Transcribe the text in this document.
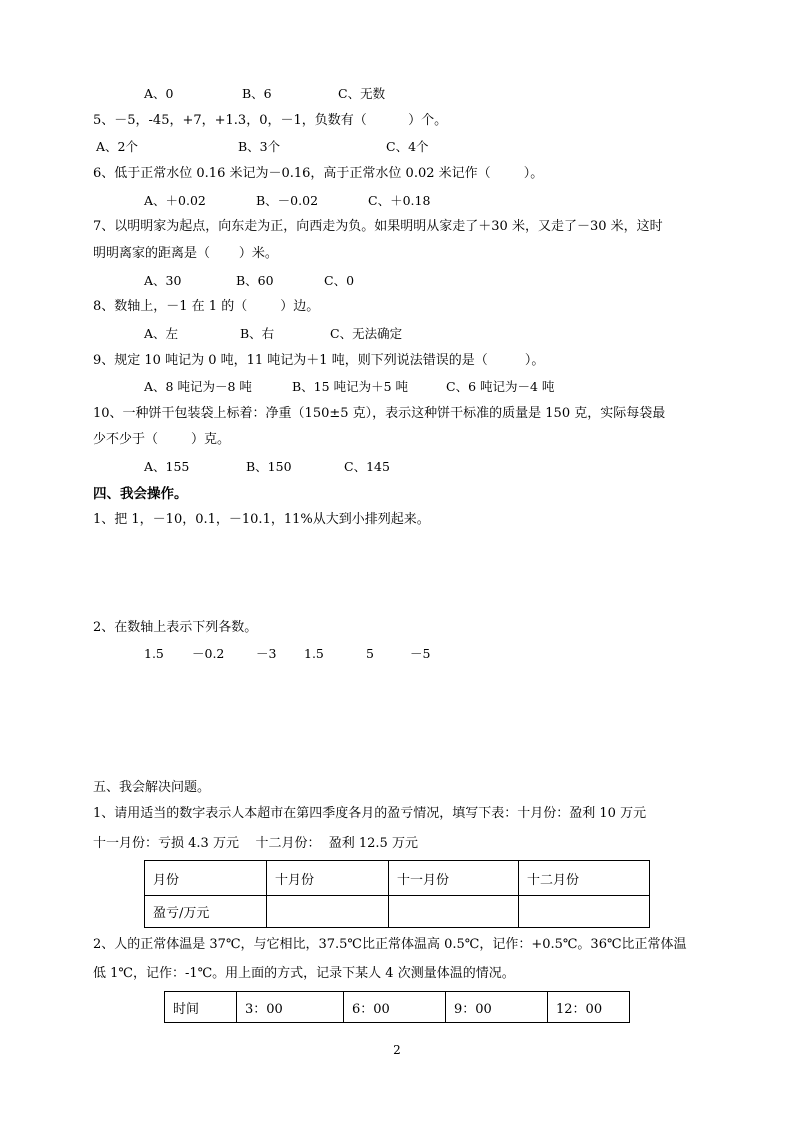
A、0	B、6	C、无数
5、－5，-45，+7，+1.3，0，－1，负数有（          ）个。
A、2个	B、3个	C、4个
6、低于正常水位 0.16 米记为－0.16，高于正常水位 0.02 米记作（        ）。
A、＋0.02	B、－0.02	C、＋0.18
7、以明明家为起点，向东走为正，向西走为负。如果明明从家走了＋30 米，又走了－30 米，这时
明明离家的距离是（       ）米。
A、30	B、60	C、0
8、数轴上，－1 在 1 的（        ）边。
A、左	B、右	C、无法确定
9、规定 10 吨记为 0 吨，11 吨记为＋1 吨，则下列说法错误的是（         ）。
A、8 吨记为－8 吨	B、15 吨记为＋5 吨	C、6 吨记为－4 吨
10、一种饼干包装袋上标着：净重（150±5 克），表示这种饼干标准的质量是 150 克，实际每袋最
少不少于（        ）克。
A、155	B、150	C、145
四、我会操作。
1、把 1，－10，0.1，－10.1，11%从大到小排列起来。
2、在数轴上表示下列各数。
1.5 －0.2	－3 1.5	5	－5
五、我会解决问题。
1、请用适当的数字表示人本超市在第四季度各月的盈亏情况，填写下表：十月份：盈利 10 万元
十一月份：亏损 4.3 万元    十二月份：  盈利 12.5 万元
月份	十月份	十一月份	十二月份
盈亏/万元			
2、人的正常体温是 37℃，与它相比，37.5℃比正常体温高 0.5℃，记作：+0.5℃。36℃比正常体温
低 1℃，记作：-1℃。用上面的方式，记录下某人 4 次测量体温的情况。
时间	3：00	6：00	9：00	12：00
2
